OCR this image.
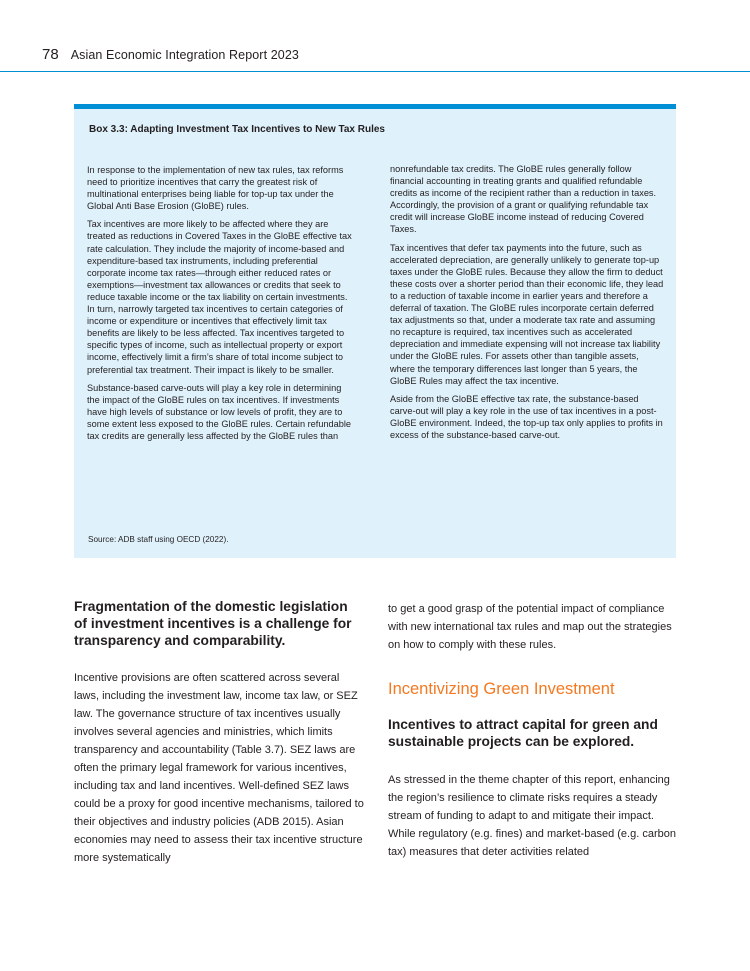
78 Asian Economic Integration Report 2023
Box 3.3: Adapting Investment Tax Incentives to New Tax Rules

In response to the implementation of new tax rules, tax reforms need to prioritize incentives that carry the greatest risk of multinational enterprises being liable for top-up tax under the Global Anti Base Erosion (GloBE) rules.

Tax incentives are more likely to be affected where they are treated as reductions in Covered Taxes in the GloBE effective tax rate calculation. They include the majority of income-based and expenditure-based tax instruments, including preferential corporate income tax rates—through either reduced rates or exemptions—investment tax allowances or credits that seek to reduce taxable income or the tax liability on certain investments. In turn, narrowly targeted tax incentives to certain categories of income or expenditure or incentives that effectively limit tax benefits are likely to be less affected. Tax incentives targeted to specific types of income, such as intellectual property or export income, effectively limit a firm’s share of total income subject to preferential tax treatment. Their impact is likely to be smaller.

Substance-based carve-outs will play a key role in determining the impact of the GloBE rules on tax incentives. If investments have high levels of substance or low levels of profit, they are to some extent less exposed to the GloBE rules. Certain refundable tax credits are generally less affected by the GloBE rules than

nonrefundable tax credits. The GloBE rules generally follow financial accounting in treating grants and qualified refundable credits as income of the recipient rather than a reduction in taxes. Accordingly, the provision of a grant or qualifying refundable tax credit will increase GloBE income instead of reducing Covered Taxes.

Tax incentives that defer tax payments into the future, such as accelerated depreciation, are generally unlikely to generate top-up taxes under the GloBE rules. Because they allow the firm to deduct these costs over a shorter period than their economic life, they lead to a reduction of taxable income in earlier years and therefore a deferral of taxation. The GloBE rules incorporate certain deferred tax adjustments so that, under a moderate tax rate and assuming no recapture is required, tax incentives such as accelerated depreciation and immediate expensing will not increase tax liability under the GloBE rules. For assets other than tangible assets, where the temporary differences last longer than 5 years, the GloBE Rules may affect the tax incentive.

Aside from the GloBE effective tax rate, the substance-based carve-out will play a key role in the use of tax incentives in a post-GloBE environment. Indeed, the top-up tax only applies to profits in excess of the substance-based carve-out.

Source: ADB staff using OECD (2022).
Fragmentation of the domestic legislation of investment incentives is a challenge for transparency and comparability.

Incentive provisions are often scattered across several laws, including the investment law, income tax law, or SEZ law. The governance structure of tax incentives usually involves several agencies and ministries, which limits transparency and accountability (Table 3.7). SEZ laws are often the primary legal framework for various incentives, including tax and land incentives. Well-defined SEZ laws could be a proxy for good incentive mechanisms, tailored to their objectives and industry policies (ADB 2015). Asian economies may need to assess their tax incentive structure more systematically

to get a good grasp of the potential impact of compliance with new international tax rules and map out the strategies on how to comply with these rules.

Incentivizing Green Investment
Incentives to attract capital for green and sustainable projects can be explored.

As stressed in the theme chapter of this report, enhancing the region’s resilience to climate risks requires a steady stream of funding to adapt to and mitigate their impact. While regulatory (e.g. fines) and market-based (e.g. carbon tax) measures that deter activities related
